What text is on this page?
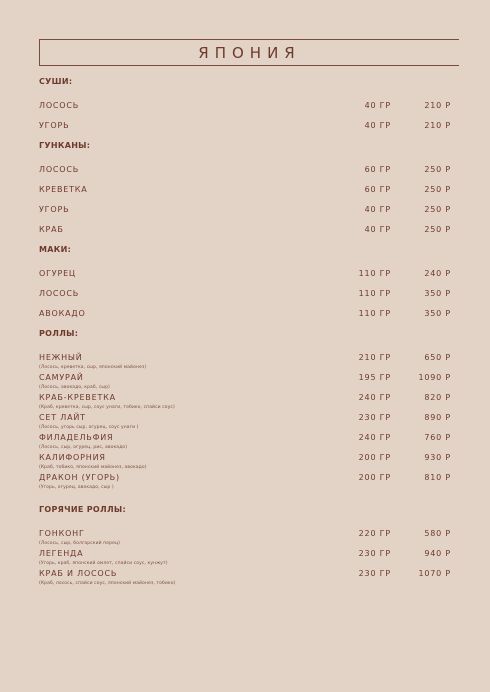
ЯПОНИЯ
СУШИ:
ЛОСОСЬ	40 ГР	210 Р
УГОРЬ	40 ГР	210 Р
ГУНКАНЫ:
ЛОСОСЬ	60 ГР	250 Р
КРЕВЕТКА	60 ГР	250 Р
УГОРЬ	40 ГР	250 Р
КРАБ	40 ГР	250 Р
МАКИ:
ОГУРЕЦ	110 ГР	240 Р
ЛОСОСЬ	110 ГР	350 Р
АВОКАДО	110 ГР	350 Р
РОЛЛЫ:
НЕЖНЫЙ	210 ГР	650 Р
(Лосось, креветка, сыр, японский майонез)
САМУРАЙ	195 ГР	1090 Р
(Лосось, авокадо, краб, сыр)
КРАБ-КРЕВЕТКА	240 ГР	820 Р
(Краб, креветка, сыр, соус унаги, тобико, спайси соус)
СЕТ ЛАЙТ	230 ГР	890 Р
(Лосось, угорь сыр, огурец, соус унаги )
ФИЛАДЕЛЬФИЯ	240 ГР	760 Р
(Лосось, сыр, огурец, рис, авокадо)
КАЛИФОРНИЯ	200 ГР	930 Р
(Краб, тобико, японский майонез, авокадо)
ДРАКОН (УГОРЬ)	200 ГР	810 Р
(Угорь, огурец, авокадо, сыр )
ГОРЯЧИЕ РОЛЛЫ:
ГОНКОНГ	220 ГР	580 Р
(Лосось, сыр, болгарский перец)
ЛЕГЕНДА	230 ГР	940 Р
(Угорь, краб, японский омлет, спайси соус, кунжут)
КРАБ И ЛОСОСЬ	230 ГР	1070 Р
(Краб, лосось, спайси соус, японский майонез, тобико)
